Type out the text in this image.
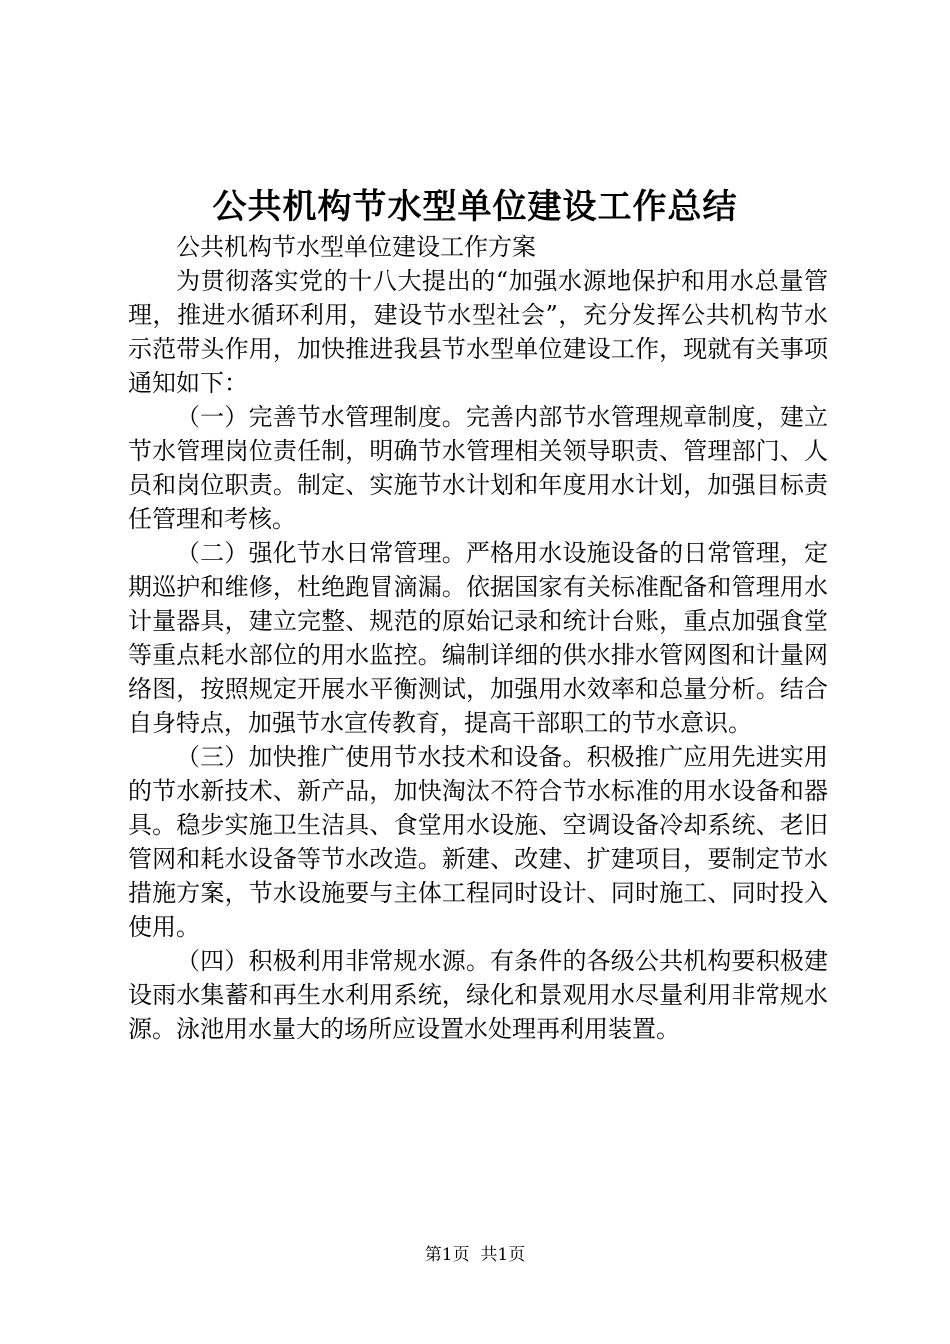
公共机构节水型单位建设工作总结

公共机构节水型单位建设工作方案

为贯彻落实党的十八大提出的“加强水源地保护和用水总量管理，推进水循环利用，建设节水型社会”，充分发挥公共机构节水示范带头作用，加快推进我县节水型单位建设工作，现就有关事项通知如下：

（一）完善节水管理制度。完善内部节水管理规章制度，建立节水管理岗位责任制，明确节水管理相关领导职责、管理部门、人员和岗位职责。制定、实施节水计划和年度用水计划，加强目标责任管理和考核。

（二）强化节水日常管理。严格用水设施设备的日常管理，定期巡护和维修，杜绝跑冒滴漏。依据国家有关标准配备和管理用水计量器具，建立完整、规范的原始记录和统计台账，重点加强食堂等重点耗水部位的用水监控。编制详细的供水排水管网图和计量网络图，按照规定开展水平衡测试，加强用水效率和总量分析。结合自身特点，加强节水宣传教育，提高干部职工的节水意识。

（三）加快推广使用节水技术和设备。积极推广应用先进实用的节水新技术、新产品，加快淘汰不符合节水标准的用水设备和器具。稳步实施卫生洁具、食堂用水设施、空调设备冷却系统、老旧管网和耗水设备等节水改造。新建、改建、扩建项目，要制定节水措施方案，节水设施要与主体工程同时设计、同时施工、同时投入使用。

（四）积极利用非常规水源。有条件的各级公共机构要积极建设雨水集蓄和再生水利用系统，绿化和景观用水尽量利用非常规水源。泳池用水量大的场所应设置水处理再利用装置。

第1页  共1页
